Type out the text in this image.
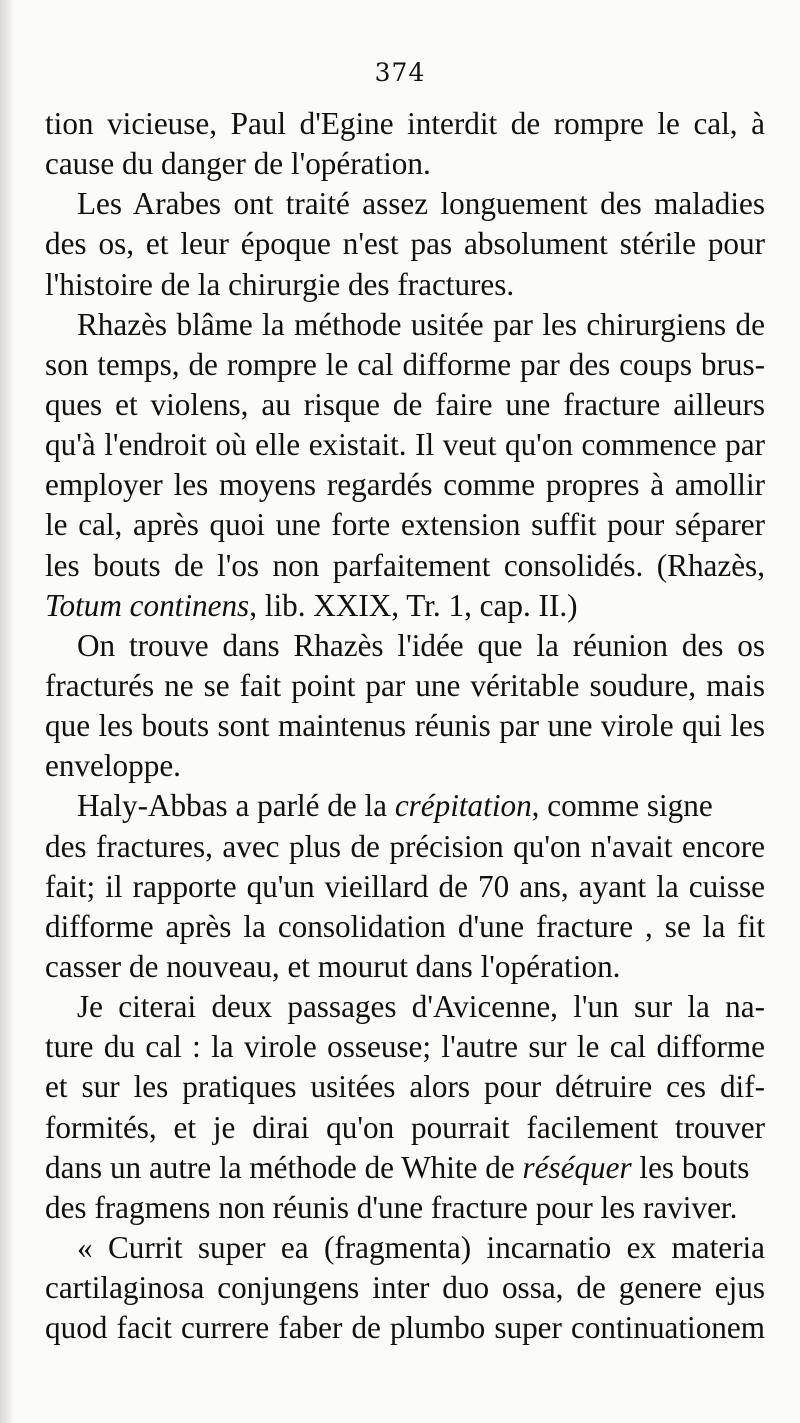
374
tion vicieuse, Paul d'Egine interdit de rompre le cal, à
cause du danger de l'opération.
Les Arabes ont traité assez longuement des maladies
des os, et leur époque n'est pas absolument stérile pour
l'histoire de la chirurgie des fractures.
Rhazès blâme la méthode usitée par les chirurgiens de
son temps, de rompre le cal difforme par des coups brus-
ques et violens, au risque de faire une fracture ailleurs
qu'à l'endroit où elle existait. Il veut qu'on commence par
employer les moyens regardés comme propres à amollir
le cal, après quoi une forte extension suffit pour séparer
les bouts de l'os non parfaitement consolidés. (Rhazès,
Totum continens, lib. XXIX, Tr. 1, cap. II.)
On trouve dans Rhazès l'idée que la réunion des os
fracturés ne se fait point par une véritable soudure, mais
que les bouts sont maintenus réunis par une virole qui les
enveloppe.
Haly-Abbas a parlé de la crépitation, comme signe
des fractures, avec plus de précision qu'on n'avait encore
fait; il rapporte qu'un vieillard de 70 ans, ayant la cuisse
difforme après la consolidation d'une fracture , se la fit
casser de nouveau, et mourut dans l'opération.
Je citerai deux passages d'Avicenne, l'un sur la na-
ture du cal : la virole osseuse; l'autre sur le cal difforme
et sur les pratiques usitées alors pour détruire ces dif-
formités, et je dirai qu'on pourrait facilement trouver
dans un autre la méthode de White de réséquer les bouts
des fragmens non réunis d'une fracture pour les raviver.
« Currit super ea (fragmenta) incarnatio ex materia
cartilaginosa conjungens inter duo ossa, de genere ejus
quod facit currere faber de plumbo super continuationem
